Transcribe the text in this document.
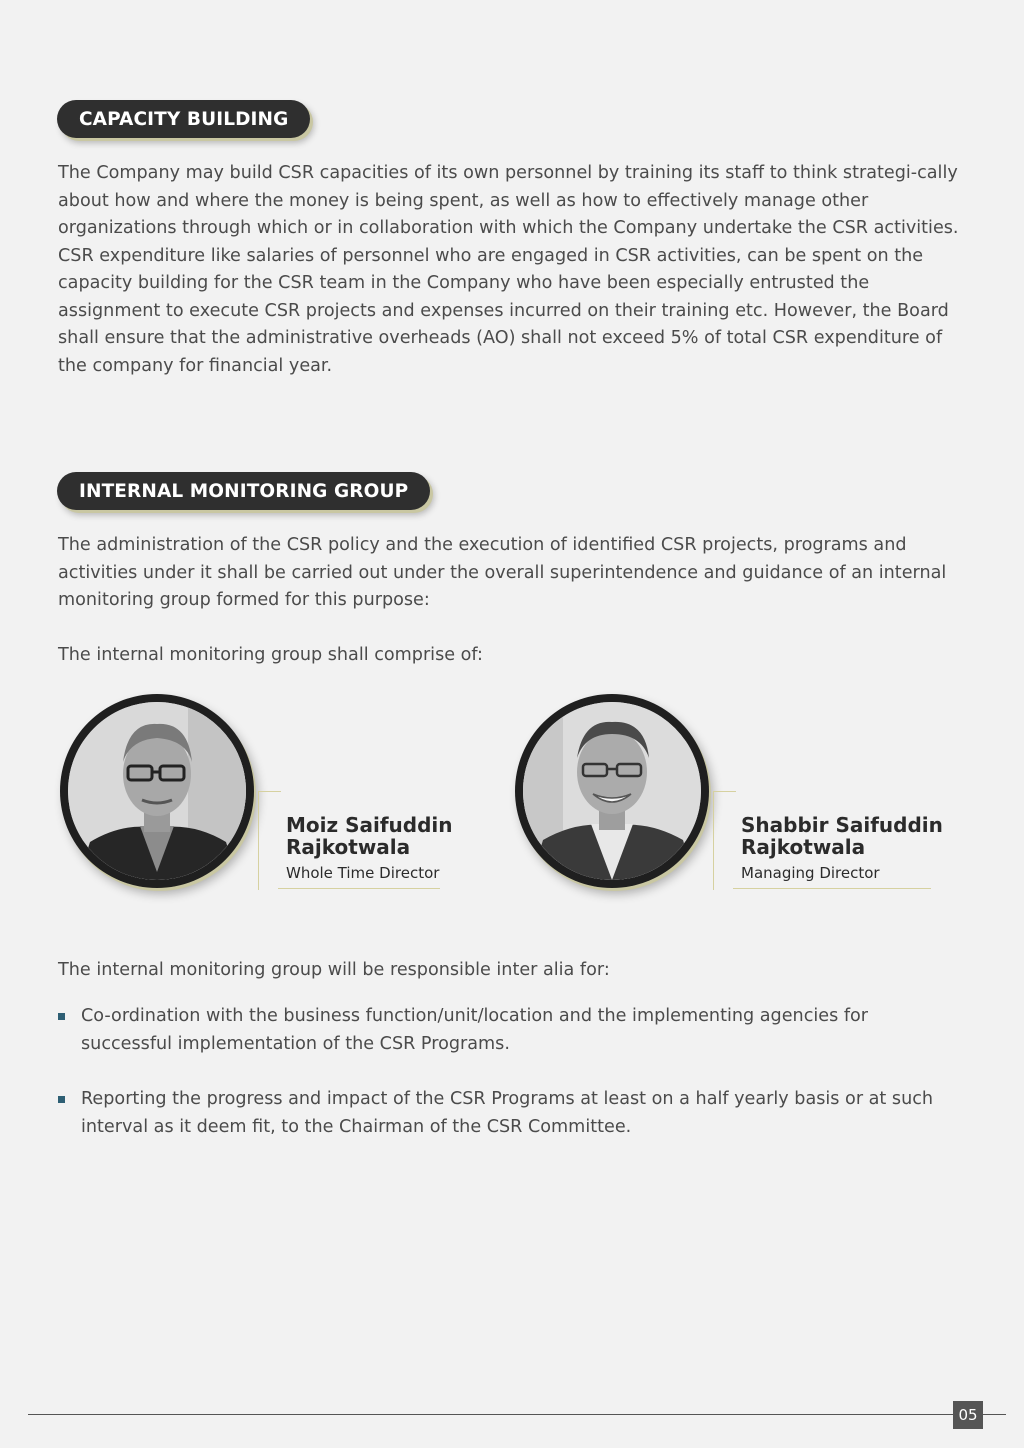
CAPACITY BUILDING

The Company may build CSR capacities of its own personnel by training its staff to think strategi-cally about how and where the money is being spent, as well as how to effectively manage other organizations through which or in collaboration with which the Company undertake the CSR activities. CSR expenditure like salaries of personnel who are engaged in CSR activities, can be spent on the capacity building for the CSR team in the Company who have been especially entrusted the assignment to execute CSR projects and expenses incurred on their training etc. However, the Board shall ensure that the administrative overheads (AO) shall not exceed 5% of total CSR expenditure of the company for financial year.

INTERNAL MONITORING GROUP

The administration of the CSR policy and the execution of identified CSR projects, programs and activities under it shall be carried out under the overall superintendence and guidance of an internal monitoring group formed for this purpose:

The internal monitoring group shall comprise of:

Moiz Saifuddin
Rajkotwala
Whole Time Director
Shabbir Saifuddin
Rajkotwala
Managing Director

The internal monitoring group will be responsible inter alia for:

Co-ordination with the business function/unit/location and the implementing agencies for successful implementation of the CSR Programs.
Reporting the progress and impact of the CSR Programs at least on a half yearly basis or at such interval as it deem fit, to the Chairman of the CSR Committee.
05
